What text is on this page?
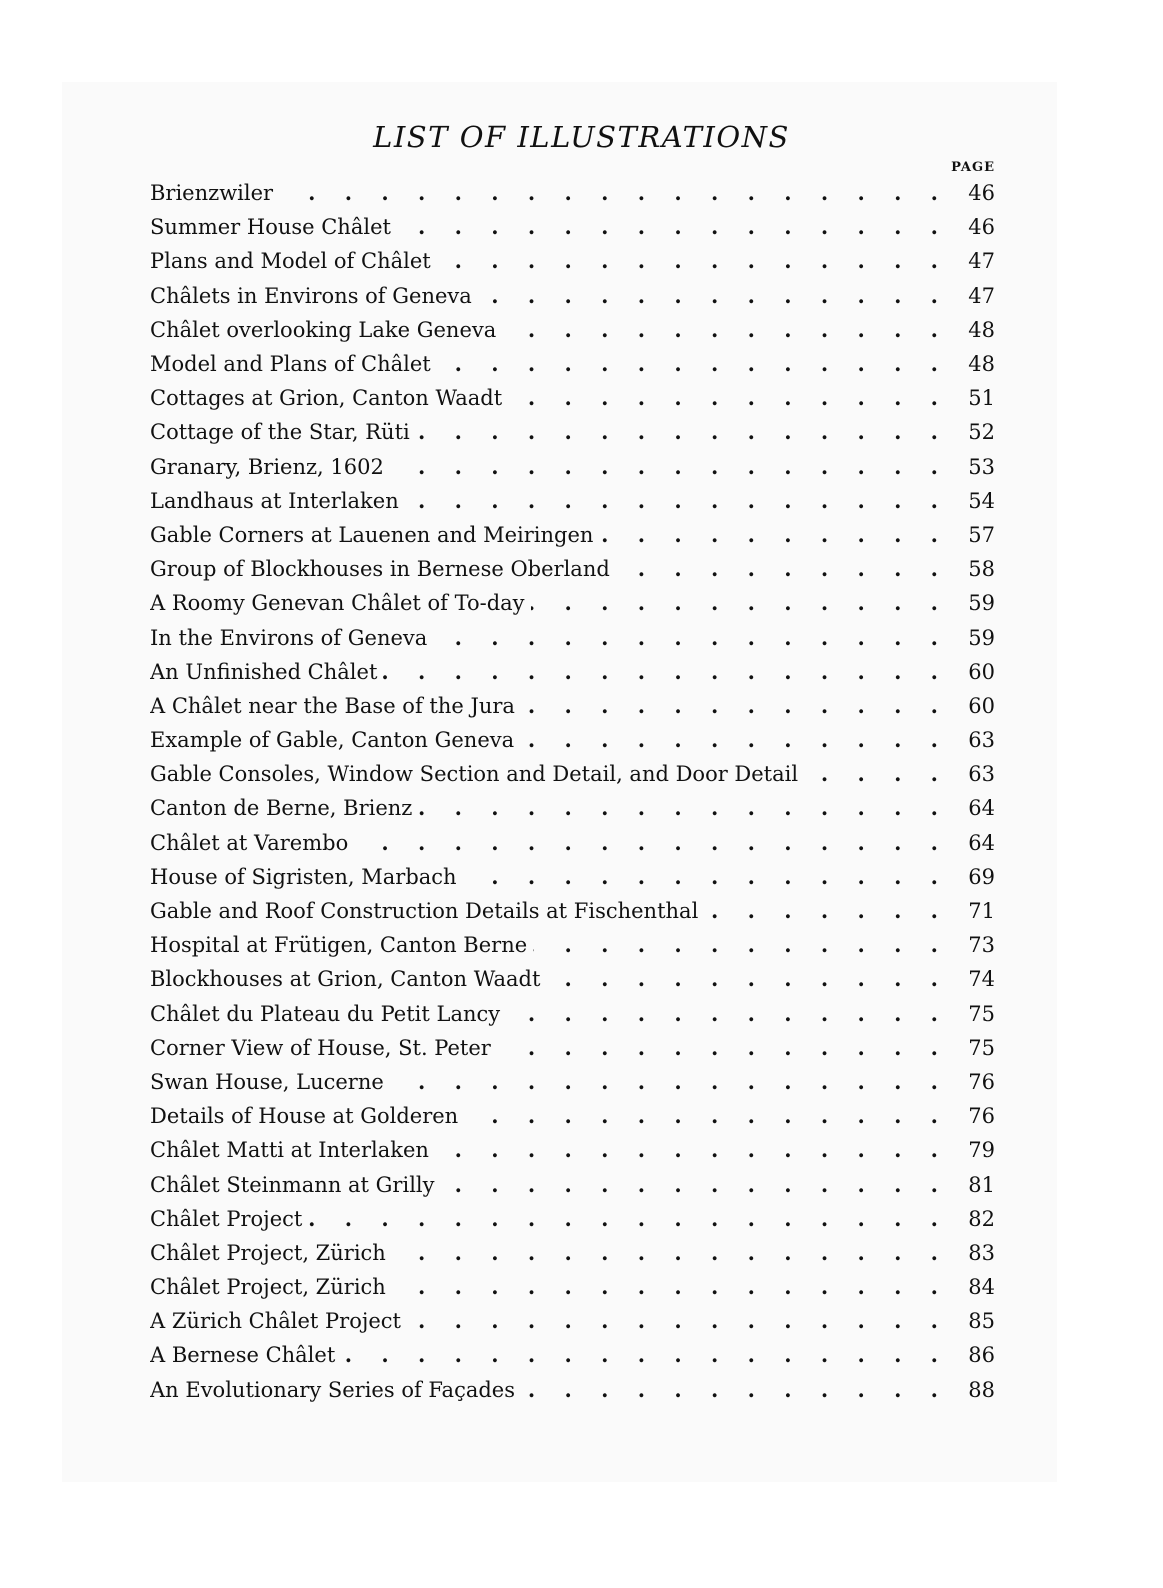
LIST OF ILLUSTRATIONS
PAGE
Brienzwiler . . .	46
Summer House Châlet . . .	46
Plans and Model of Châlet . . .	47
Châlets in Environs of Geneva . . .	47
Châlet overlooking Lake Geneva . . .	48
Model and Plans of Châlet . . .	48
Cottages at Grion, Canton Waadt . . .	51
Cottage of the Star, Rüti . . .	52
Granary, Brienz, 1602 . . .	53
Landhaus at Interlaken . . .	54
Gable Corners at Lauenen and Meiringen . . .	57
Group of Blockhouses in Bernese Oberland . . .	58
A Roomy Genevan Châlet of To-day . . .	59
In the Environs of Geneva . . .	59
An Unfinished Châlet . . .	60
A Châlet near the Base of the Jura . . .	60
Example of Gable, Canton Geneva . . .	63
Gable Consoles, Window Section and Detail, and Door Detail . . .	63
Canton de Berne, Brienz . . .	64
Châlet at Varembo . . .	64
House of Sigristen, Marbach . . .	69
Gable and Roof Construction Details at Fischenthal . . .	71
Hospital at Frütigen, Canton Berne . . .	73
Blockhouses at Grion, Canton Waadt . . .	74
Châlet du Plateau du Petit Lancy . . .	75
Corner View of House, St. Peter . . .	75
Swan House, Lucerne . . .	76
Details of House at Golderen . . .	76
Châlet Matti at Interlaken . . .	79
Châlet Steinmann at Grilly . . .	81
Châlet Project . . .	82
Châlet Project, Zürich . . .	83
Châlet Project, Zürich . . .	84
A Zürich Châlet Project . . .	85
A Bernese Châlet . . .	86
An Evolutionary Series of Façades . . .	88
